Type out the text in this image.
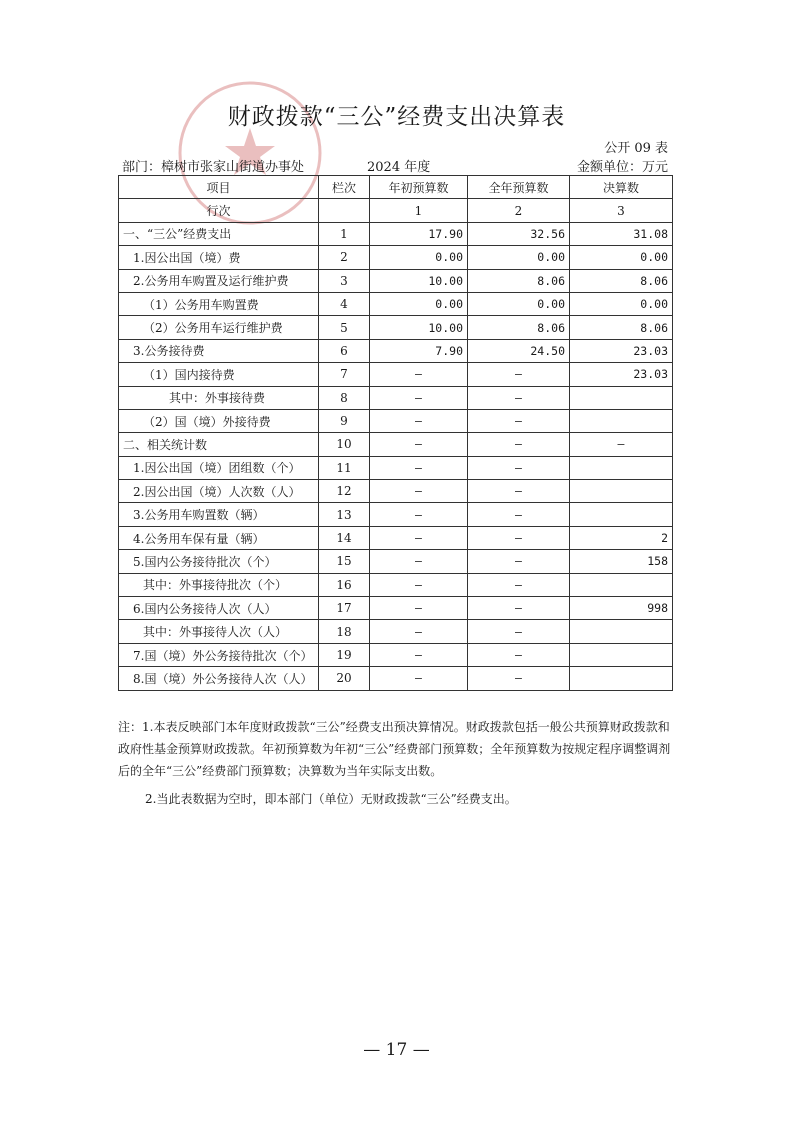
财政拨款“三公”经费支出决算表
公开 09 表
部门：樟树市张家山街道办事处	2024 年度	金额单位：万元
项目	栏次	年初预算数	全年预算数	决算数
行次		1	2	3
一、“三公”经费支出	1	17.90	32.56	31.08
1.因公出国（境）费	2	0.00	0.00	0.00
2.公务用车购置及运行维护费	3	10.00	8.06	8.06
（1）公务用车购置费	4	0.00	0.00	0.00
（2）公务用车运行维护费	5	10.00	8.06	8.06
3.公务接待费	6	7.90	24.50	23.03
（1）国内接待费	7	—	—	23.03
其中：外事接待费	8	—	—	
（2）国（境）外接待费	9	—	—	
二、相关统计数	10	—	—	—
1.因公出国（境）团组数（个）	11	—	—	
2.因公出国（境）人次数（人）	12	—	—	
3.公务用车购置数（辆）	13	—	—	
4.公务用车保有量（辆）	14	—	—	2
5.国内公务接待批次（个）	15	—	—	158
其中：外事接待批次（个）	16	—	—	
6.国内公务接待人次（人）	17	—	—	998
其中：外事接待人次（人）	18	—	—	
7.国（境）外公务接待批次（个）	19	—	—	
8.国（境）外公务接待人次（人）	20	—	—	
注：1.本表反映部门本年度财政拨款“三公”经费支出预决算情况。财政拨款包括一般公共预算财政拨款和政府性基金预算财政拨款。年初预算数为年初“三公”经费部门预算数；全年预算数为按规定程序调整调剂后的全年“三公”经费部门预算数；决算数为当年实际支出数。
2.当此表数据为空时，即本部门（单位）无财政拨款“三公”经费支出。
— 17 —
